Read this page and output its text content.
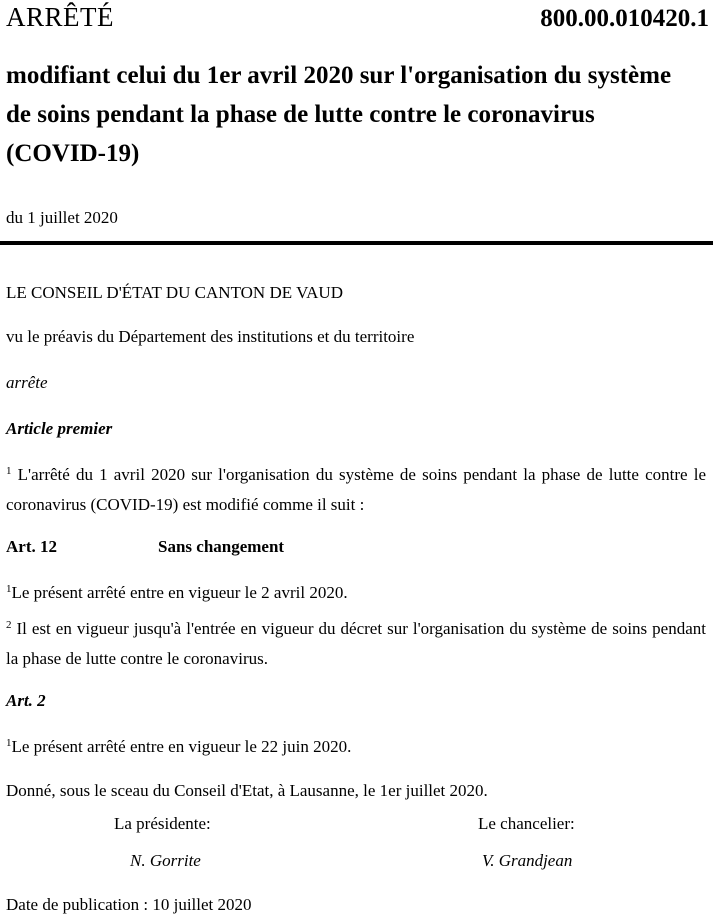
ARRÊTÉ	800.00.010420.1
modifiant celui du 1er avril 2020 sur l'organisation du système de soins pendant la phase de lutte contre le coronavirus (COVID-19)
du 1 juillet 2020

LE CONSEIL D'ÉTAT DU CANTON DE VAUD

vu le préavis du Département des institutions et du territoire

arrête

Article premier

$^1$ L'arrêté du 1 avril 2020 sur l'organisation du système de soins pendant la phase de lutte contre le coronavirus (COVID-19) est modifié comme il suit :

Art. 12	Sans changement

$^1$Le présent arrêté entre en vigueur le 2 avril 2020.

$^2$ Il est en vigueur jusqu'à l'entrée en vigueur du décret sur l'organisation du système de soins pendant la phase de lutte contre le coronavirus.

Art. 2

$^1$Le présent arrêté entre en vigueur le 22 juin 2020.

Donné, sous le sceau du Conseil d'Etat, à Lausanne, le 1er juillet 2020.

La présidente:	Le chancelier:
N. Gorrite	V. Grandjean

Date de publication : 10 juillet 2020
